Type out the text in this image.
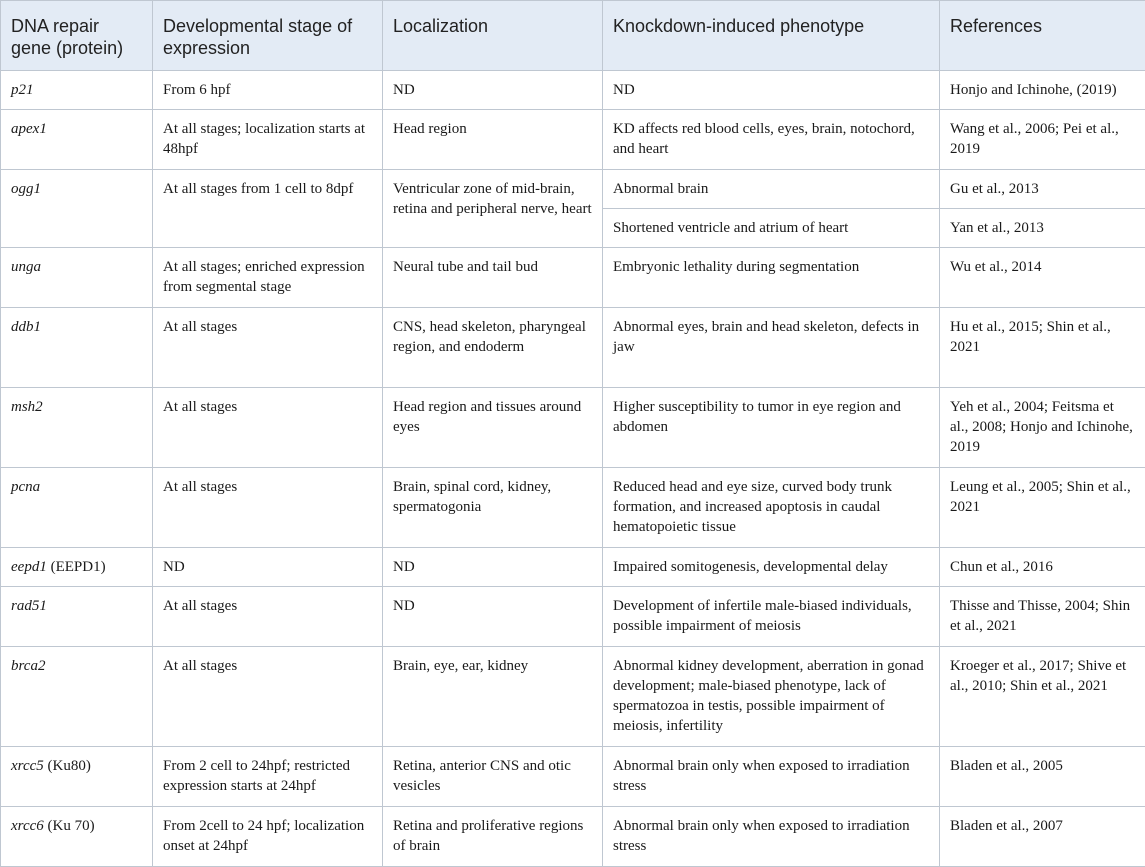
DNA repair gene (protein)	Developmental stage of expression	Localization	Knockdown-induced phenotype	References
p21	From 6 hpf	ND	ND	Honjo and Ichinohe, (2019)
apex1	At all stages; localization starts at 48hpf	Head region	KD affects red blood cells, eyes, brain, notochord, and heart	Wang et al., 2006; Pei et al., 2019
ogg1	At all stages from 1 cell to 8dpf	Ventricular zone of mid-brain, retina and peripheral nerve, heart	Abnormal brain	Gu et al., 2013
			Shortened ventricle and atrium of heart	Yan et al., 2013
unga	At all stages; enriched expression from segmental stage	Neural tube and tail bud	Embryonic lethality during segmentation	Wu et al., 2014
ddb1	At all stages	CNS, head skeleton, pharyngeal region, and endoderm	Abnormal eyes, brain and head skeleton, defects in jaw	Hu et al., 2015; Shin et al., 2021
msh2	At all stages	Head region and tissues around eyes	Higher susceptibility to tumor in eye region and abdomen	Yeh et al., 2004; Feitsma et al., 2008; Honjo and Ichinohe, 2019
pcna	At all stages	Brain, spinal cord, kidney, spermatogonia	Reduced head and eye size, curved body trunk formation, and increased apoptosis in caudal hematopoietic tissue	Leung et al., 2005; Shin et al., 2021
eepd1 (EEPD1)	ND	ND	Impaired somitogenesis, developmental delay	Chun et al., 2016
rad51	At all stages	ND	Development of infertile male-biased individuals, possible impairment of meiosis	Thisse and Thisse, 2004; Shin et al., 2021
brca2	At all stages	Brain, eye, ear, kidney	Abnormal kidney development, aberration in gonad development; male-biased phenotype, lack of spermatozoa in testis, possible impairment of meiosis, infertility	Kroeger et al., 2017; Shive et al., 2010; Shin et al., 2021
xrcc5 (Ku80)	From 2 cell to 24hpf; restricted expression starts at 24hpf	Retina, anterior CNS and otic vesicles	Abnormal brain only when exposed to irradiation stress	Bladen et al., 2005
xrcc6 (Ku 70)	From 2cell to 24 hpf; localization onset at 24hpf	Retina and proliferative regions of brain	Abnormal brain only when exposed to irradiation stress	Bladen et al., 2007
